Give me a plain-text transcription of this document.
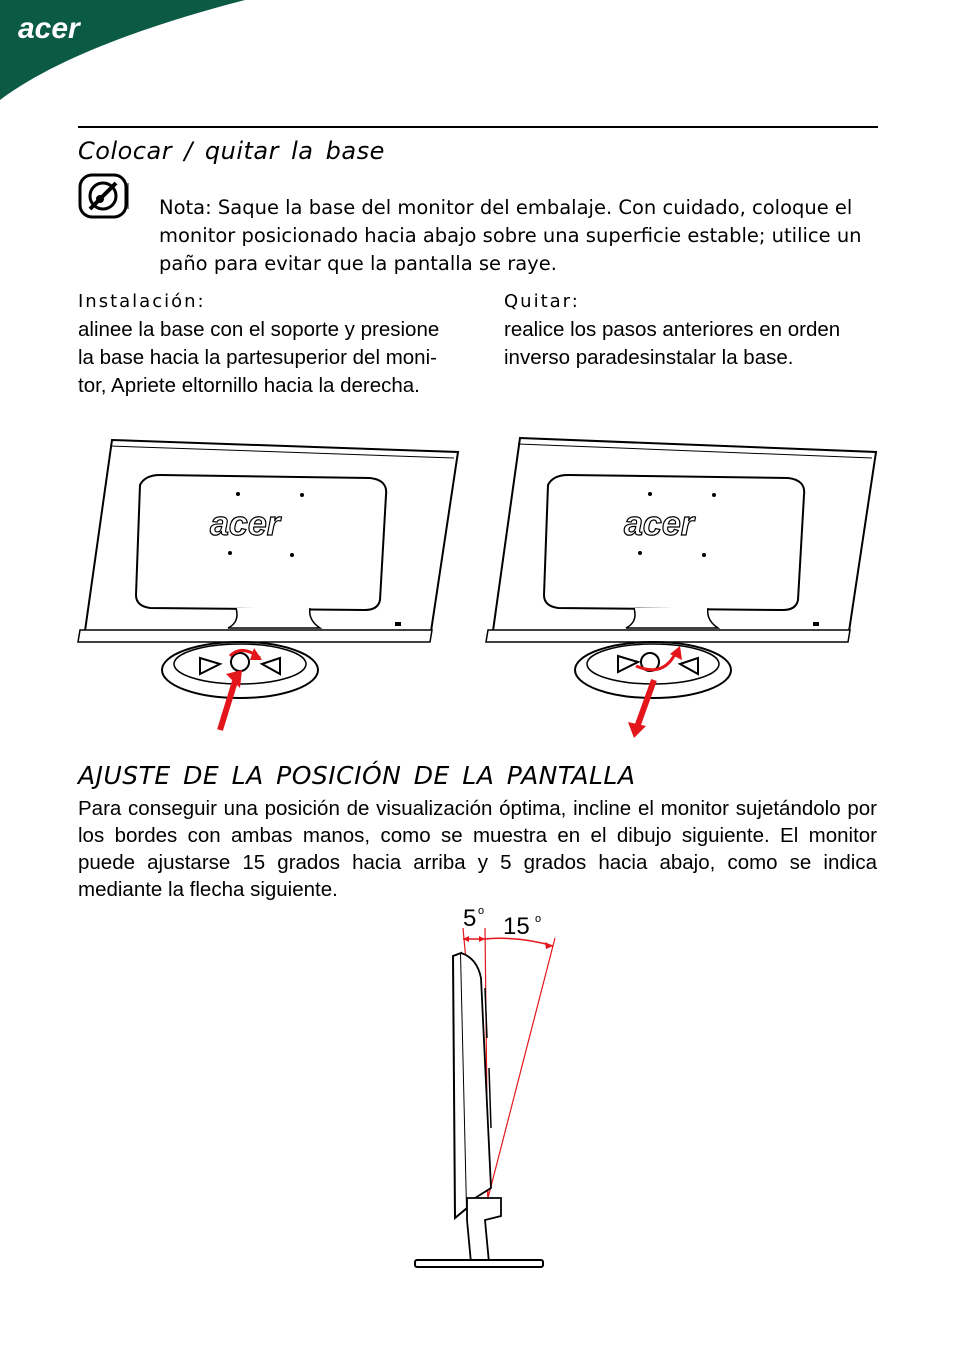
acer
Colocar / quitar la base
Nota: Saque la base del monitor del embalaje. Con cuidado, coloque el monitor posicionado hacia abajo sobre una superficie estable; utilice un paño para evitar que la pantalla se raye.
Instalación:
alinee la base con el soporte y presione
la base hacia la partesuperior del moni-
tor, Apriete eltornillo hacia la derecha.
Quitar:
realice los pasos anteriores en orden
inverso paradesinstalar la base.
acer	acer
AJUSTE DE LA POSICIÓN DE LA PANTALLA
Para conseguir una posición de visualización óptima, incline el monitor sujetándolo por los bordes con ambas manos, como se muestra en el dibujo siguiente. El monitor puede ajustarse 15 grados hacia arriba y 5 grados hacia abajo, como se indica mediante la flecha siguiente.
5 o
15 o
